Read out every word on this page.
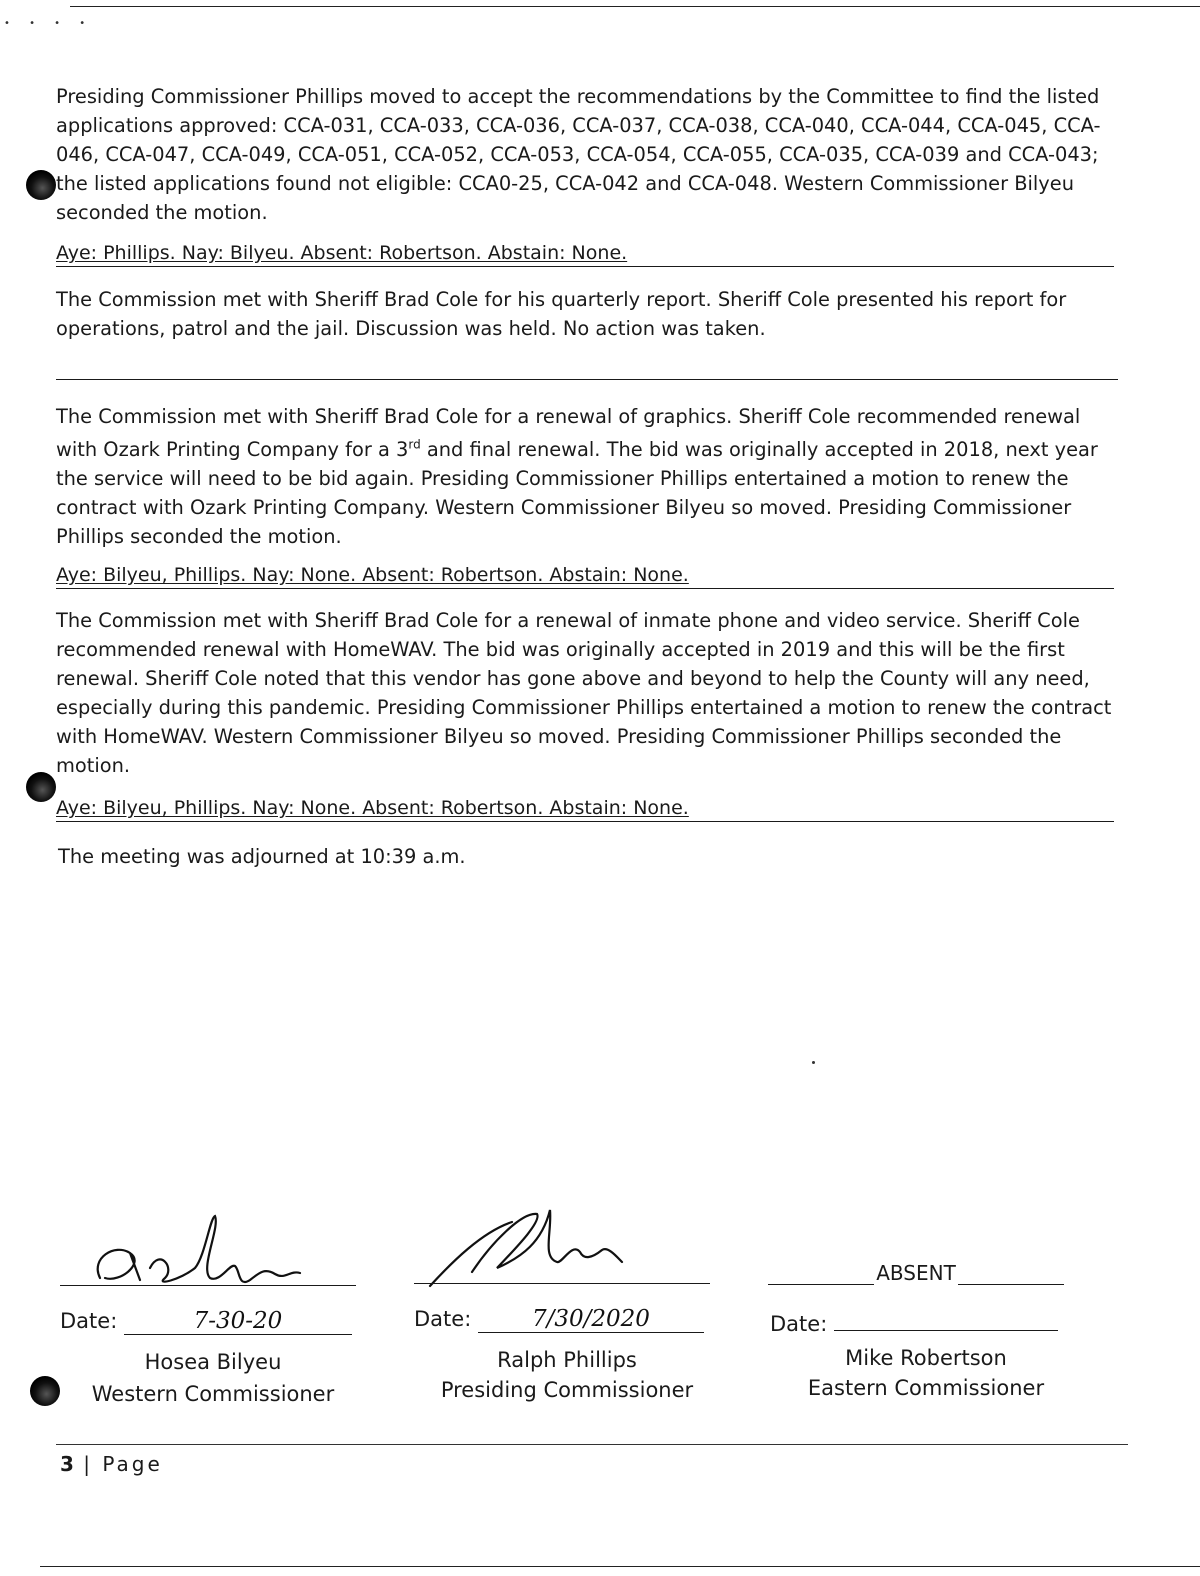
• • • •

Presiding Commissioner Phillips moved to accept the recommendations by the Committee to find the listed applications approved: CCA-031, CCA-033, CCA-036, CCA-037, CCA-038, CCA-040, CCA-044, CCA-045, CCA-046, CCA-047, CCA-049, CCA-051, CCA-052, CCA-053, CCA-054, CCA-055, CCA-035, CCA-039 and CCA-043; the listed applications found not eligible: CCA0-25, CCA-042 and CCA-048. Western Commissioner Bilyeu seconded the motion.

Aye: Phillips. Nay: Bilyeu. Absent: Robertson. Abstain: None.

The Commission met with Sheriff Brad Cole for his quarterly report. Sheriff Cole presented his report for operations, patrol and the jail. Discussion was held. No action was taken.

The Commission met with Sheriff Brad Cole for a renewal of graphics. Sheriff Cole recommended renewal with Ozark Printing Company for a 3rd and final renewal. The bid was originally accepted in 2018, next year the service will need to be bid again. Presiding Commissioner Phillips entertained a motion to renew the contract with Ozark Printing Company. Western Commissioner Bilyeu so moved. Presiding Commissioner Phillips seconded the motion.

Aye: Bilyeu, Phillips. Nay: None. Absent: Robertson. Abstain: None.

The Commission met with Sheriff Brad Cole for a renewal of inmate phone and video service. Sheriff Cole recommended renewal with HomeWAV. The bid was originally accepted in 2019 and this will be the first renewal. Sheriff Cole noted that this vendor has gone above and beyond to help the County will any need, especially during this pandemic. Presiding Commissioner Phillips entertained a motion to renew the contract with HomeWAV. Western Commissioner Bilyeu so moved. Presiding Commissioner Phillips seconded the motion.

Aye: Bilyeu, Phillips. Nay: None. Absent: Robertson. Abstain: None.
The meeting was adjourned at 10:39 a.m.
Date:	7-30-20
Hosea Bilyeu
Western Commissioner
Date:	7/30/2020
Ralph Phillips
Presiding Commissioner
ABSENT
Date:
Mike Robertson
Eastern Commissioner
3 | Page
